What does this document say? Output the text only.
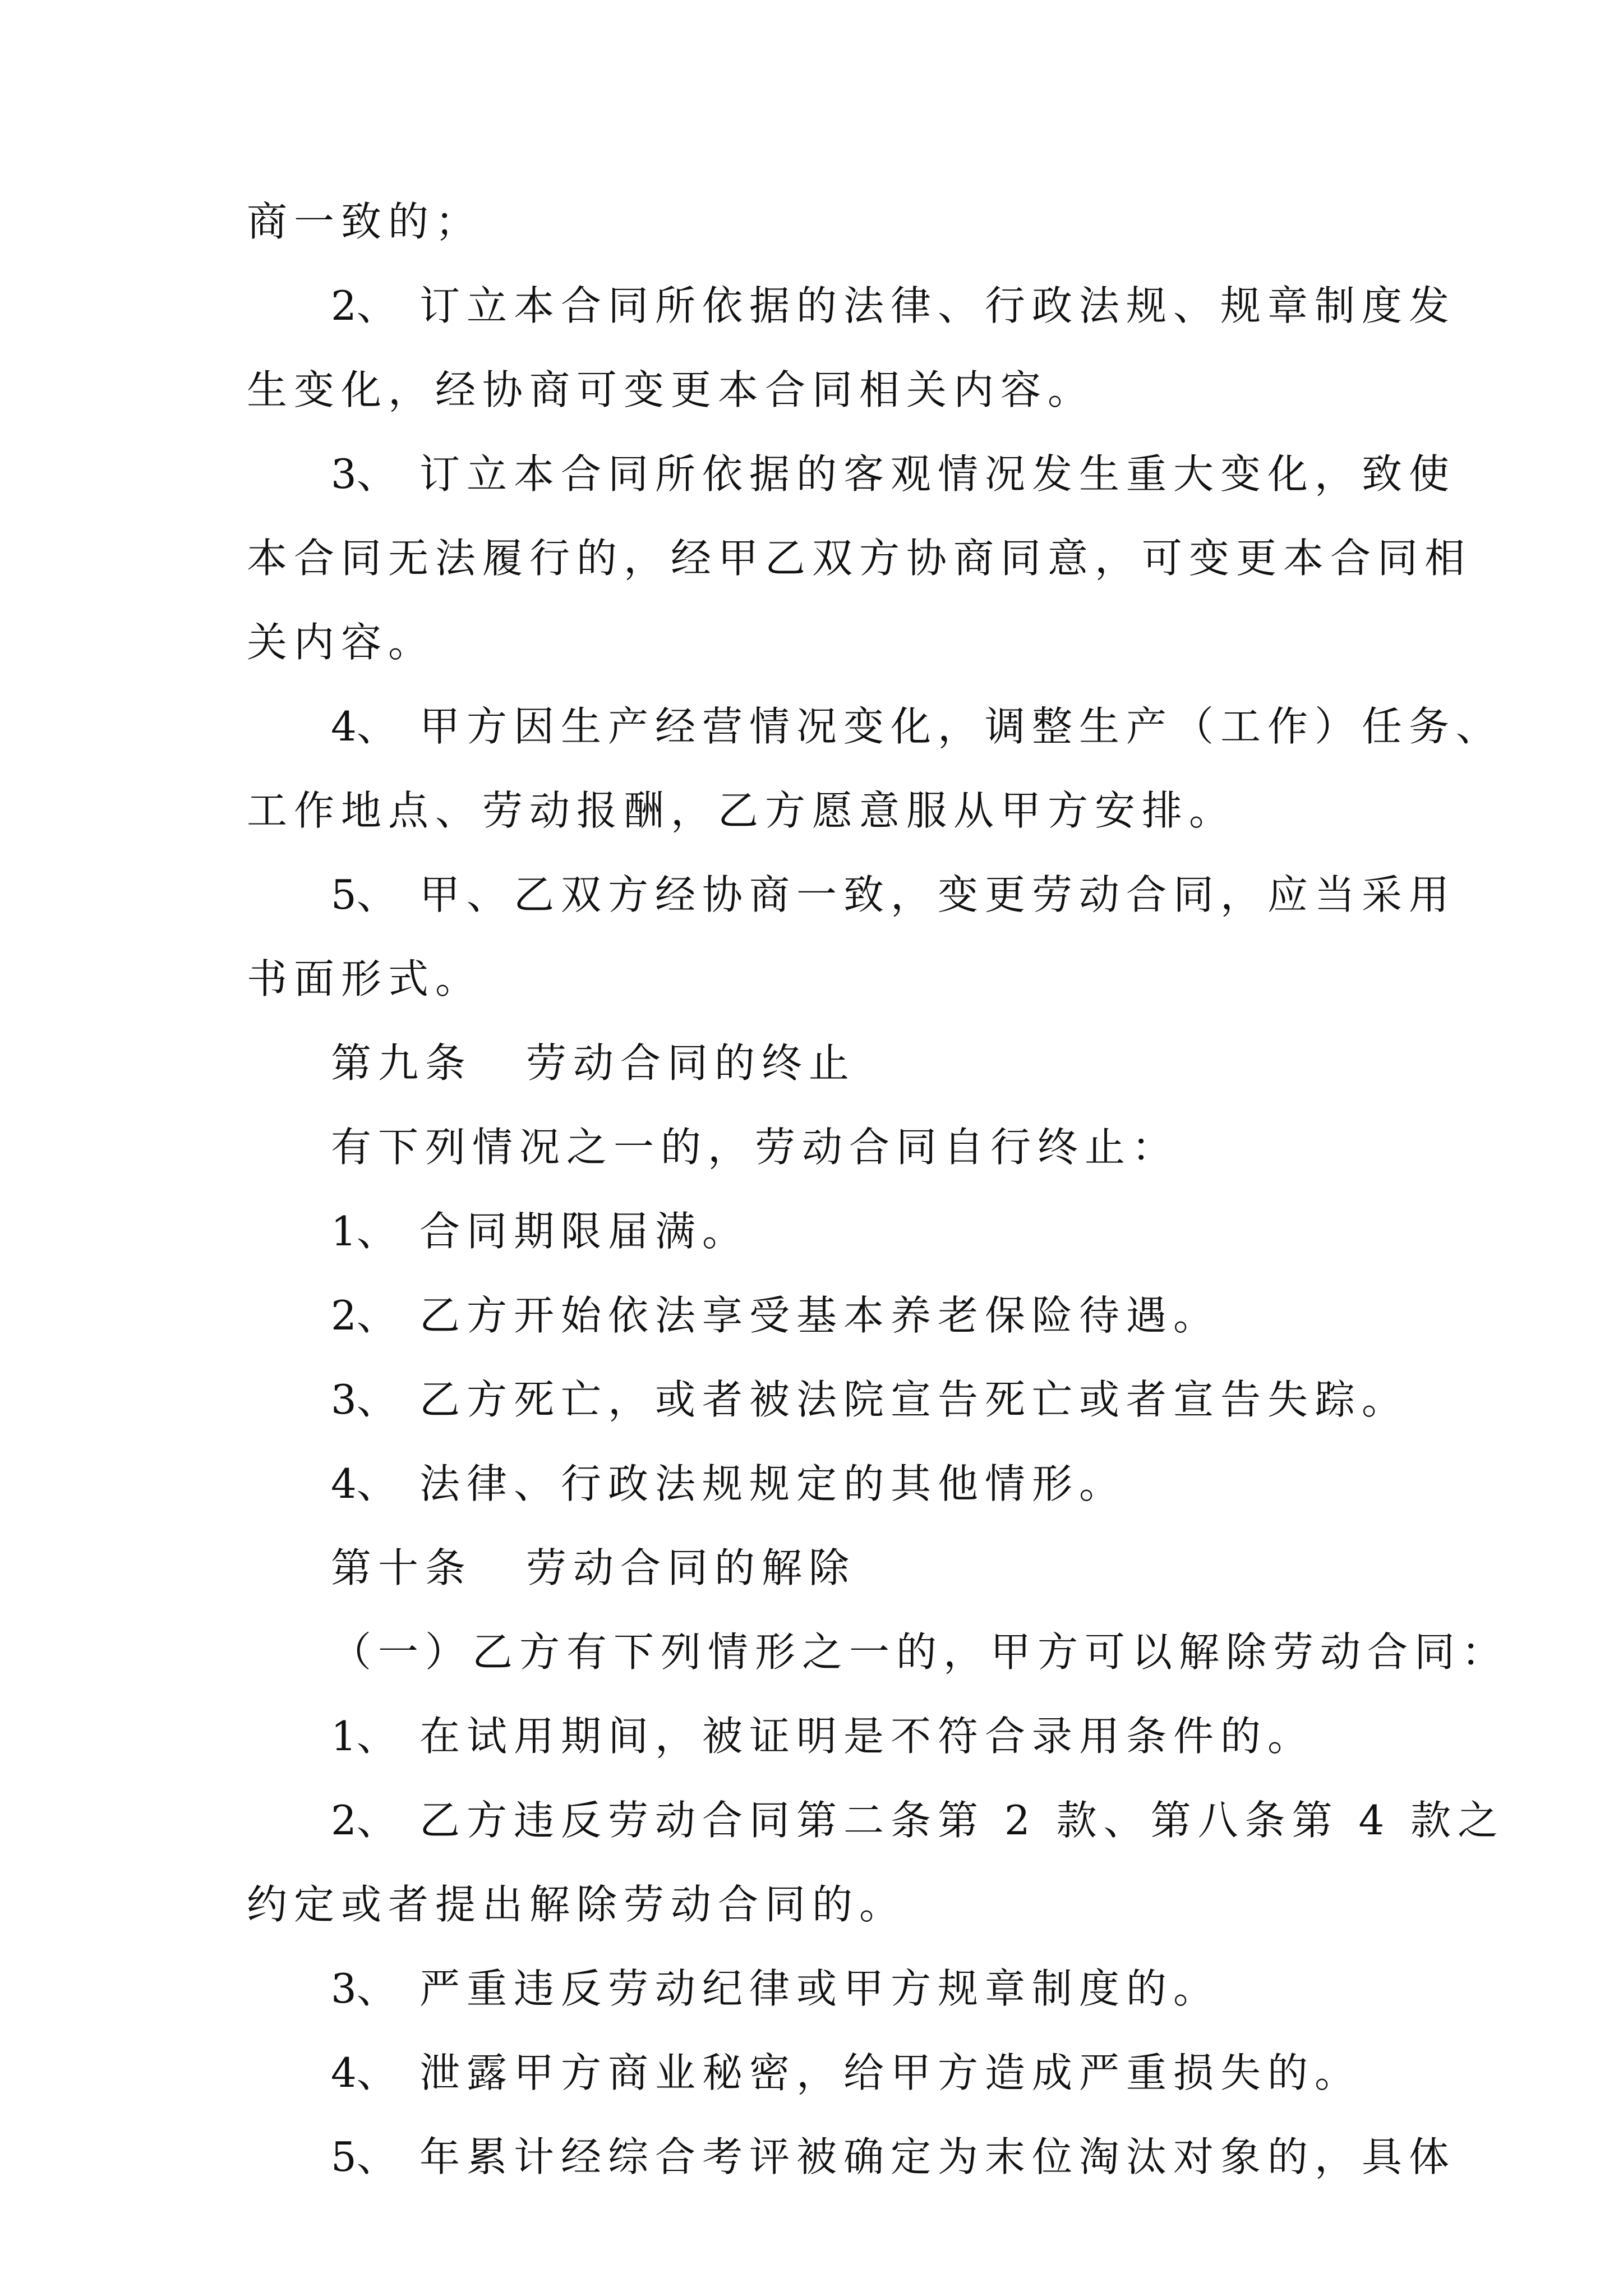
商一致的；
2、 订立本合同所依据的法律、行政法规、规章制度发
生变化，经协商可变更本合同相关内容。
3、 订立本合同所依据的客观情况发生重大变化，致使
本合同无法履行的，经甲乙双方协商同意，可变更本合同相
关内容。
4、 甲方因生产经营情况变化，调整生产（工作）任务、
工作地点、劳动报酬，乙方愿意服从甲方安排。
5、 甲、乙双方经协商一致，变更劳动合同，应当采用
书面形式。
第九条 劳动合同的终止
有下列情况之一的，劳动合同自行终止：
1、 合同期限届满。
2、 乙方开始依法享受基本养老保险待遇。
3、 乙方死亡，或者被法院宣告死亡或者宣告失踪。
4、 法律、行政法规规定的其他情形。
第十条 劳动合同的解除
（一）乙方有下列情形之一的，甲方可以解除劳动合同：
1、 在试用期间，被证明是不符合录用条件的。
2、 乙方违反劳动合同第二条第 2 款、第八条第 4 款之
约定或者提出解除劳动合同的。
3、 严重违反劳动纪律或甲方规章制度的。
4、 泄露甲方商业秘密，给甲方造成严重损失的。
5、 年累计经综合考评被确定为末位淘汰对象的，具体
